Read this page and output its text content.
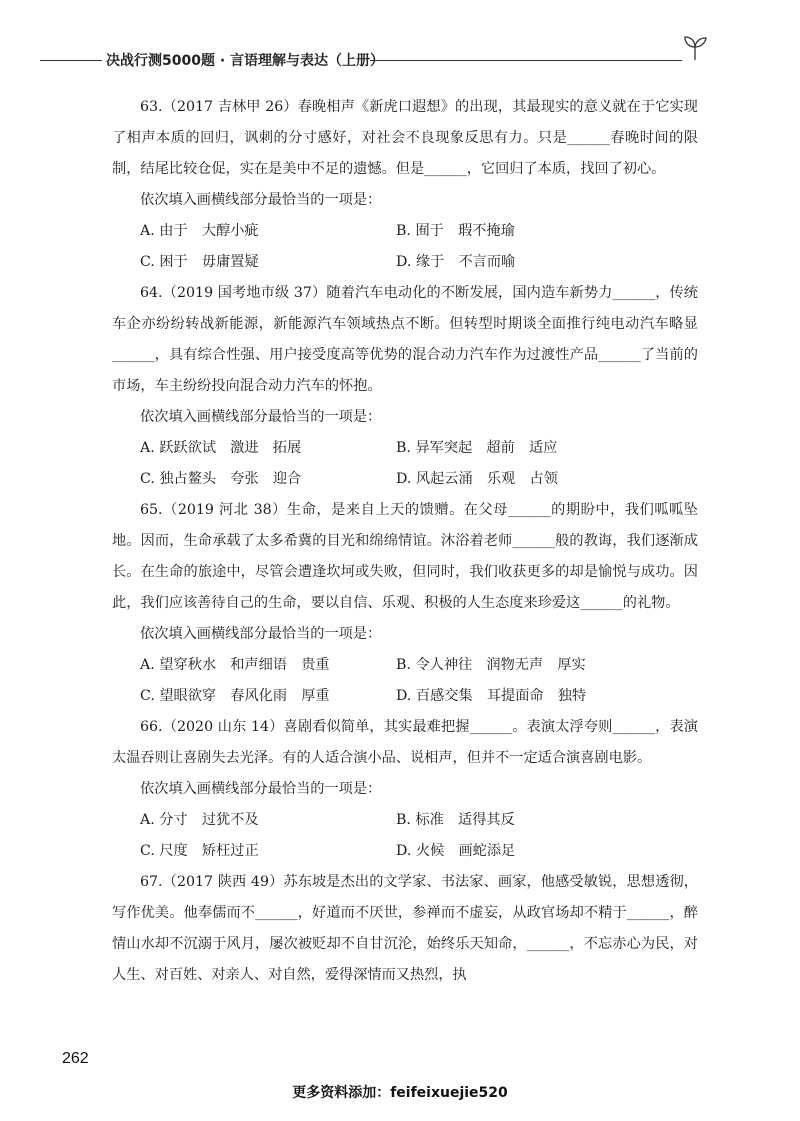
决战行测5000题 · 言语理解与表达（上册）

63.（2017 吉林甲 26）春晚相声《新虎口遐想》的出现，其最现实的意义就在于它实现了相声本质的回归，讽刺的分寸感好，对社会不良现象反思有力。只是______春晚时间的限制，结尾比较仓促，实在是美中不足的遗憾。但是______，它回归了本质，找回了初心。

依次填入画横线部分最恰当的一项是：

A. 由于　大醇小疵	B. 囿于　瑕不掩瑜
C. 困于　毋庸置疑	D. 缘于　不言而喻

64.（2019 国考地市级 37）随着汽车电动化的不断发展，国内造车新势力______，传统车企亦纷纷转战新能源，新能源汽车领域热点不断。但转型时期谈全面推行纯电动汽车略显______，具有综合性强、用户接受度高等优势的混合动力汽车作为过渡性产品______了当前的市场，车主纷纷投向混合动力汽车的怀抱。

依次填入画横线部分最恰当的一项是：

A. 跃跃欲试　激进　拓展	B. 异军突起　超前　适应
C. 独占鳌头　夸张　迎合	D. 风起云涌　乐观　占领

65.（2019 河北 38）生命，是来自上天的馈赠。在父母______的期盼中，我们呱呱坠地。因而，生命承载了太多希冀的目光和绵绵情谊。沐浴着老师______般的教诲，我们逐渐成长。在生命的旅途中，尽管会遭逢坎坷或失败，但同时，我们收获更多的却是愉悦与成功。因此，我们应该善待自己的生命，要以自信、乐观、积极的人生态度来珍爱这______的礼物。

依次填入画横线部分最恰当的一项是：

A. 望穿秋水　和声细语　贵重	B. 令人神往　润物无声　厚实
C. 望眼欲穿　春风化雨　厚重	D. 百感交集　耳提面命　独特

66.（2020 山东 14）喜剧看似简单，其实最难把握______。表演太浮夸则______，表演太温吞则让喜剧失去光泽。有的人适合演小品、说相声，但并不一定适合演喜剧电影。

依次填入画横线部分最恰当的一项是：

A. 分寸　过犹不及	B. 标准　适得其反
C. 尺度　矫枉过正	D. 火候　画蛇添足

67.（2017 陕西 49）苏东坡是杰出的文学家、书法家、画家，他感受敏锐，思想透彻，写作优美。他奉儒而不______，好道而不厌世，参禅而不虚妄，从政官场却不精于______，醉情山水却不沉溺于风月，屡次被贬却不自甘沉沦，始终乐天知命，______，不忘赤心为民，对人生、对百姓、对亲人、对自然，爱得深情而又热烈，执

262
更多资料添加：feifeixuejie520
